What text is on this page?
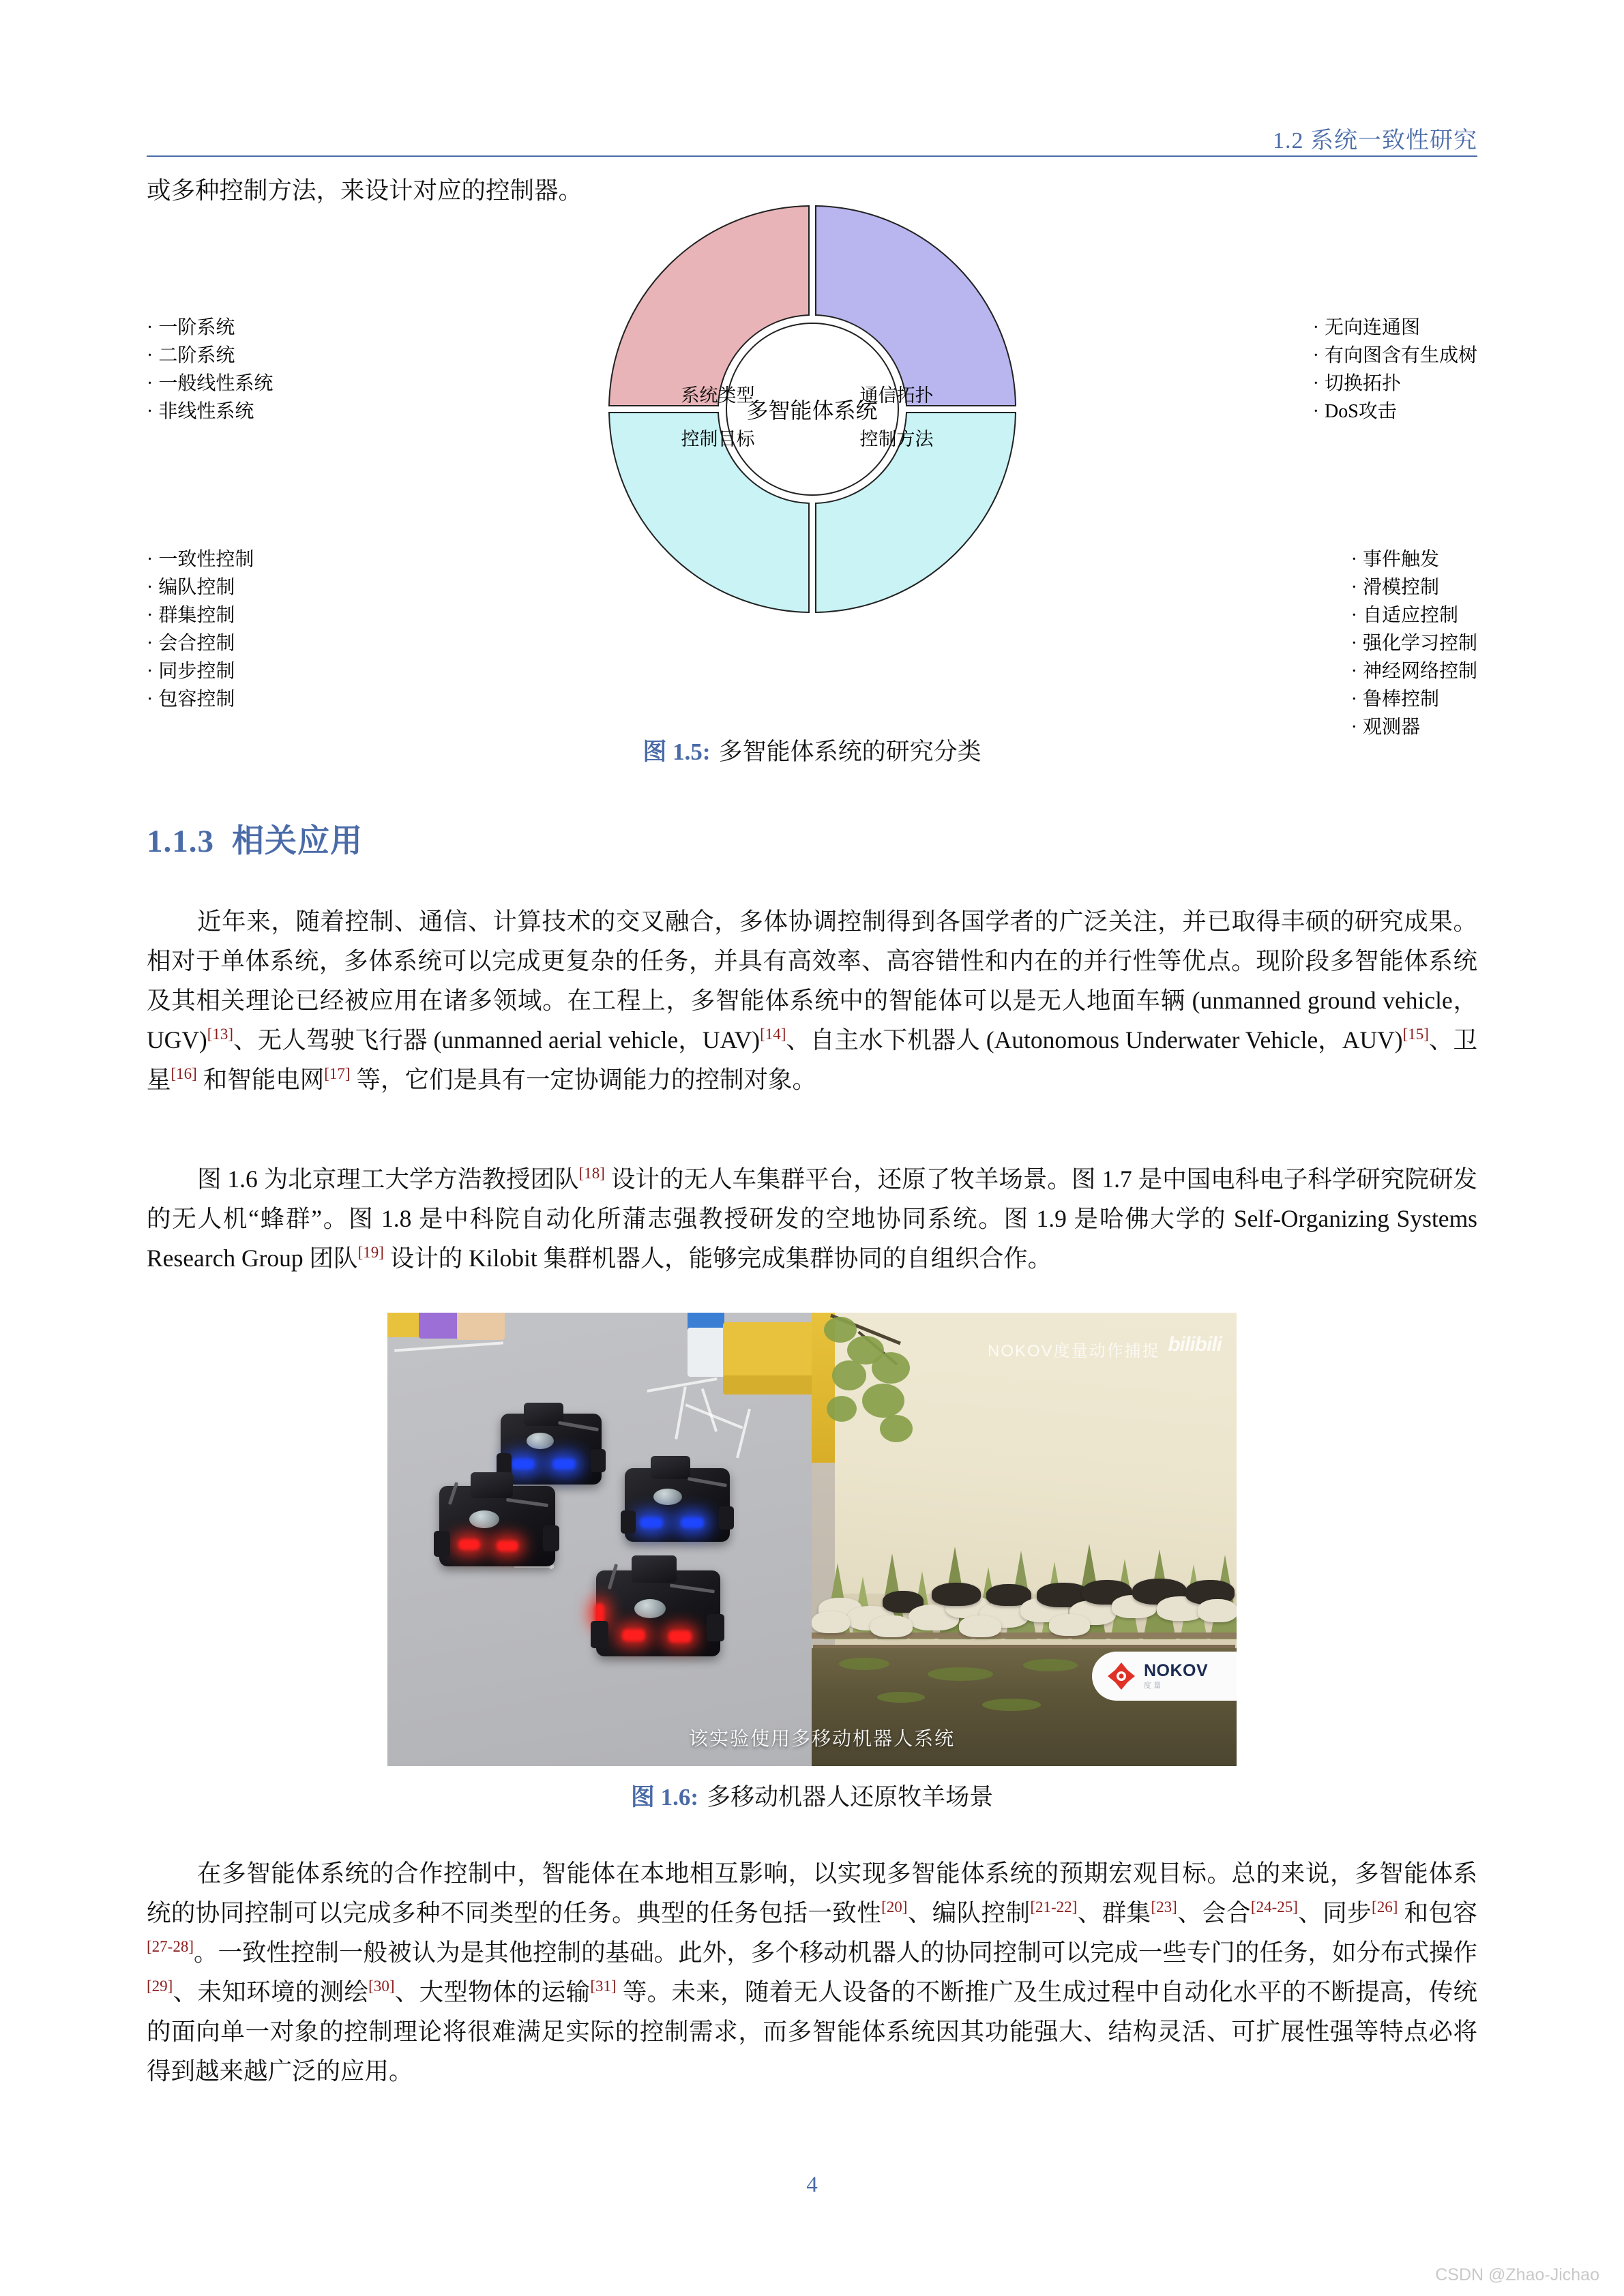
1.2 系统一致性研究
或多种控制方法，来设计对应的控制器。
· 一阶系统
· 二阶系统
· 一般线性系统
· 非线性系统
· 无向连通图
· 有向图含有生成树
· 切换拓扑
· DoS攻击
· 一致性控制
· 编队控制
· 群集控制
· 会合控制
· 同步控制
· 包容控制
· 事件触发
· 滑模控制
· 自适应控制
· 强化学习控制
· 神经网络控制
· 鲁棒控制
· 观测器
多智能体系统
系统类型	通信拓扑
控制目标	控制方法
图 1.5: 多智能体系统的研究分类
1.1.3 相关应用
近年来，随着控制、通信、计算技术的交叉融合，多体协调控制得到各国学者的广泛关注，并已取得丰硕的研究成果。相对于单体系统，多体系统可以完成更复杂的任务，并具有高效率、高容错性和内在的并行性等优点。现阶段多智能体系统及其相关理论已经被应用在诸多领域。在工程上，多智能体系统中的智能体可以是无人地面车辆 (unmanned ground vehicle，UGV)[13]、无人驾驶飞行器 (unmanned aerial vehicle，UAV)[14]、自主水下机器人 (Autonomous Underwater Vehicle，AUV)[15]、卫星[16] 和智能电网[17] 等，它们是具有一定协调能力的控制对象。
图 1.6 为北京理工大学方浩教授团队[18] 设计的无人车集群平台，还原了牧羊场景。图 1.7 是中国电科电子科学研究院研发的无人机“蜂群”。图 1.8 是中科院自动化所蒲志强教授研发的空地协同系统。图 1.9 是哈佛大学的 Self-Organizing Systems Research Group 团队[19] 设计的 Kilobit 集群机器人，能够完成集群协同的自组织合作。
该实验使用多
NOKOV度量动作捕捉 bilibili
NOKOV
度量
移动机器人系统
图 1.6: 多移动机器人还原牧羊场景
在多智能体系统的合作控制中，智能体在本地相互影响，以实现多智能体系统的预期宏观目标。总的来说，多智能体系统的协同控制可以完成多种不同类型的任务。典型的任务包括一致性[20]、编队控制[21-22]、群集[23]、会合[24-25]、同步[26] 和包容[27-28]。一致性控制一般被认为是其他控制的基础。此外，多个移动机器人的协同控制可以完成一些专门的任务，如分布式操作[29]、未知环境的测绘[30]、大型物体的运输[31] 等。未来，随着无人设备的不断推广及生成过程中自动化水平的不断提高，传统的面向单一对象的控制理论将很难满足实际的控制需求，而多智能体系统因其功能强大、结构灵活、可扩展性强等特点必将得到越来越广泛的应用。
4
CSDN @Zhao-Jichao
